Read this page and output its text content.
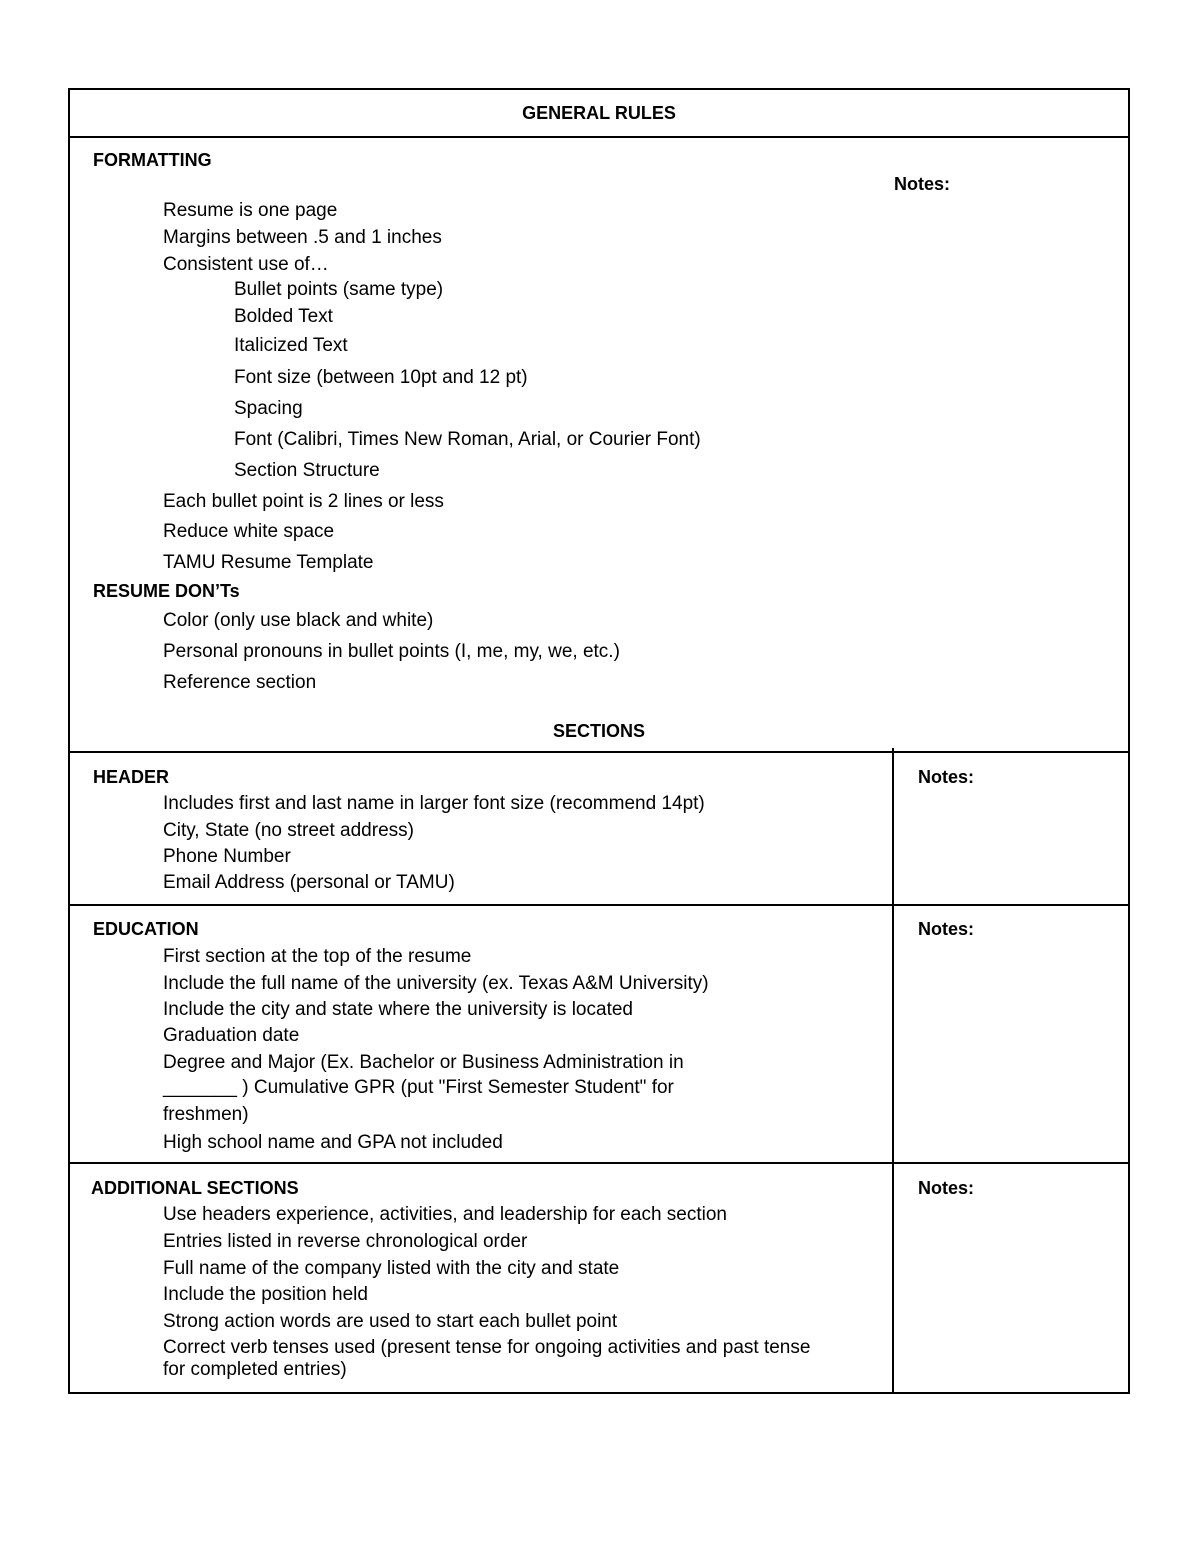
GENERAL RULES
FORMATTING
Notes:
Resume is one page
Margins between .5 and 1 inches
Consistent use of…
Bullet points (same type)
Bolded Text
Italicized Text
Font size (between 10pt and 12 pt)
Spacing
Font (Calibri, Times New Roman, Arial, or Courier Font)
Section Structure
Each bullet point is 2 lines or less
Reduce white space
TAMU Resume Template
RESUME DON’Ts
Color (only use black and white)
Personal pronouns in bullet points (I, me, my, we, etc.)
Reference section
SECTIONS
HEADER	Notes:
Includes first and last name in larger font size (recommend 14pt)
City, State (no street address)
Phone Number
Email Address (personal or TAMU)
EDUCATION	Notes:
First section at the top of the resume
Include the full name of the university (ex. Texas A&M University)
Include the city and state where the university is located
Graduation date
Degree and Major (Ex. Bachelor or Business Administration in
_______ ) Cumulative GPR (put "First Semester Student" for
freshmen)
High school name and GPA not included
ADDITIONAL SECTIONS	Notes:
Use headers experience, activities, and leadership for each section
Entries listed in reverse chronological order
Full name of the company listed with the city and state
Include the position held
Strong action words are used to start each bullet point
Correct verb tenses used (present tense for ongoing activities and past tense
for completed entries)
